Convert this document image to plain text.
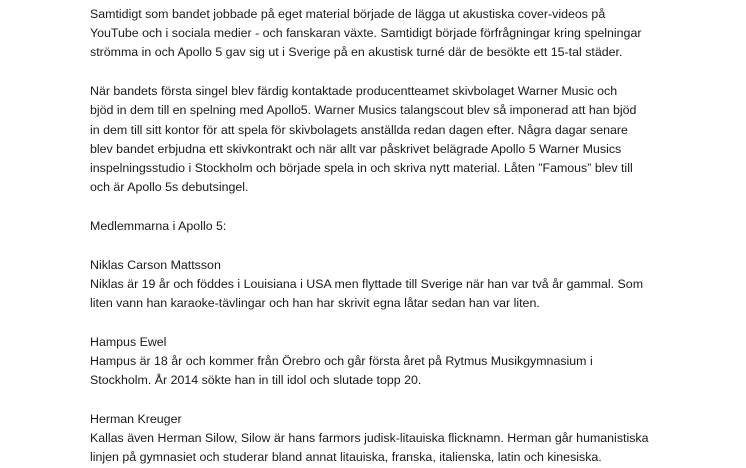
Samtidigt som bandet jobbade på eget material började de lägga ut akustiska cover-videos på
YouTube och i sociala medier - och fanskaran växte. Samtidigt började förfrågningar kring spelningar
strömma in och Apollo 5 gav sig ut i Sverige på en akustisk turné där de besökte ett 15-tal städer.
När bandets första singel blev färdig kontaktade producentteamet skivbolaget Warner Music och
bjöd in dem till en spelning med Apollo5. Warner Musics talangscout blev så imponerad att han bjöd
in dem till sitt kontor för att spela för skivbolagets anställda redan dagen efter. Några dagar senare
blev bandet erbjudna ett skivkontrakt och när allt var påskrivet belägrade Apollo 5 Warner Musics
inspelningsstudio i Stockholm och började spela in och skriva nytt material. Låten ”Famous” blev till
och är Apollo 5s debutsingel.
Medlemmarna i Apollo 5:
Niklas Carson Mattsson
Niklas är 19 år och föddes i Louisiana i USA men flyttade till Sverige när han var två år gammal. Som
liten vann han karaoke-tävlingar och han har skrivit egna låtar sedan han var liten.
Hampus Ewel
Hampus är 18 år och kommer från Örebro och går första året på Rytmus Musikgymnasium i
Stockholm. År 2014 sökte han in till idol och slutade topp 20.
Herman Kreuger
Kallas även Herman Silow, Silow är hans farmors judisk-litauiska flicknamn. Herman går humanistiska
linjen på gymnasiet och studerar bland annat litauiska, franska, italienska, latin och kinesiska.
